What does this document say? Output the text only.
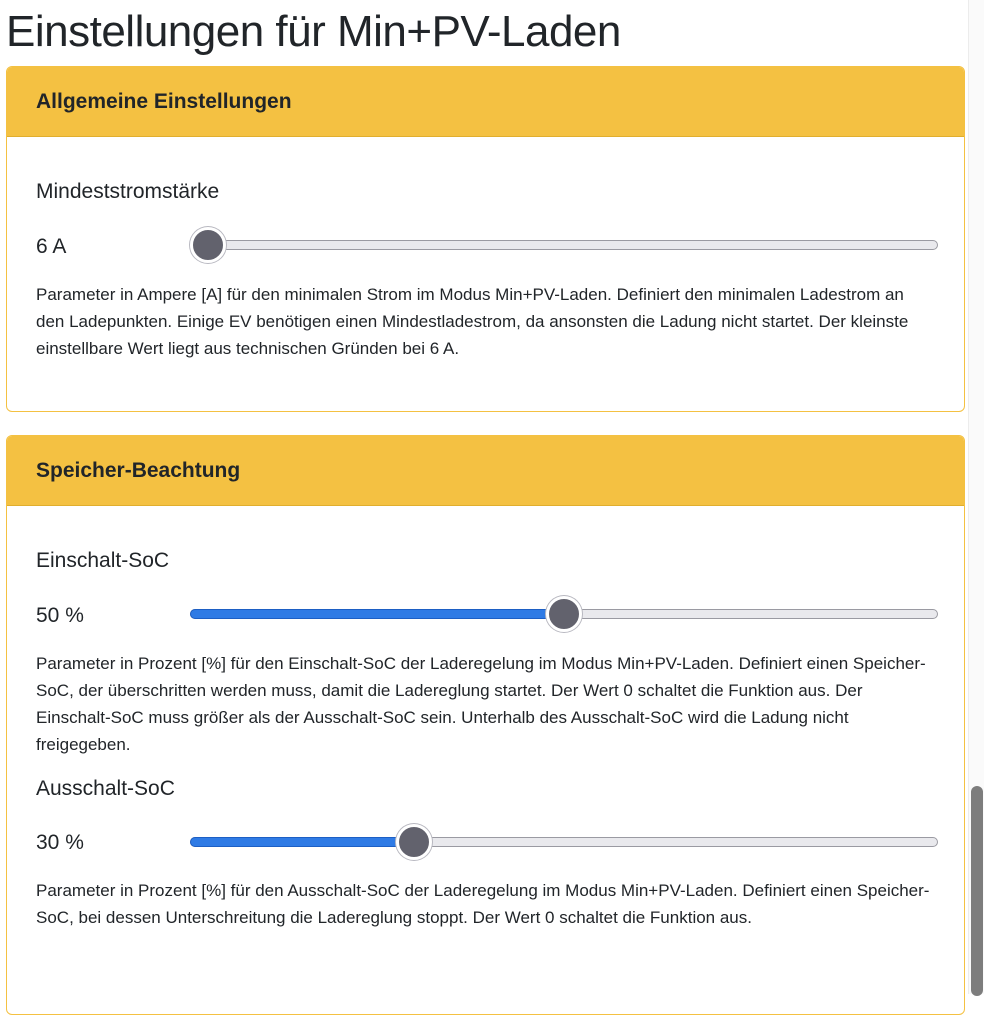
Einstellungen für Min+PV-Laden
Allgemeine Einstellungen
Mindeststromstärke
6 A
Parameter in Ampere [A] für den minimalen Strom im Modus Min+PV-Laden. Definiert den minimalen Ladestrom an den Ladepunkten. Einige EV benötigen einen Mindestladestrom, da ansonsten die Ladung nicht startet. Der kleinste einstellbare Wert liegt aus technischen Gründen bei 6 A.
Speicher-Beachtung
Einschalt-SoC
50 %
Parameter in Prozent [%] für den Einschalt-SoC der Laderegelung im Modus Min+PV-Laden. Definiert einen Speicher-SoC, der überschritten werden muss, damit die Ladereglung startet. Der Wert 0 schaltet die Funktion aus. Der Einschalt-SoC muss größer als der Ausschalt-SoC sein. Unterhalb des Ausschalt-SoC wird die Ladung nicht freigegeben.
Ausschalt-SoC
30 %
Parameter in Prozent [%] für den Ausschalt-SoC der Laderegelung im Modus Min+PV-Laden. Definiert einen Speicher-SoC, bei dessen Unterschreitung die Ladereglung stoppt. Der Wert 0 schaltet die Funktion aus.
